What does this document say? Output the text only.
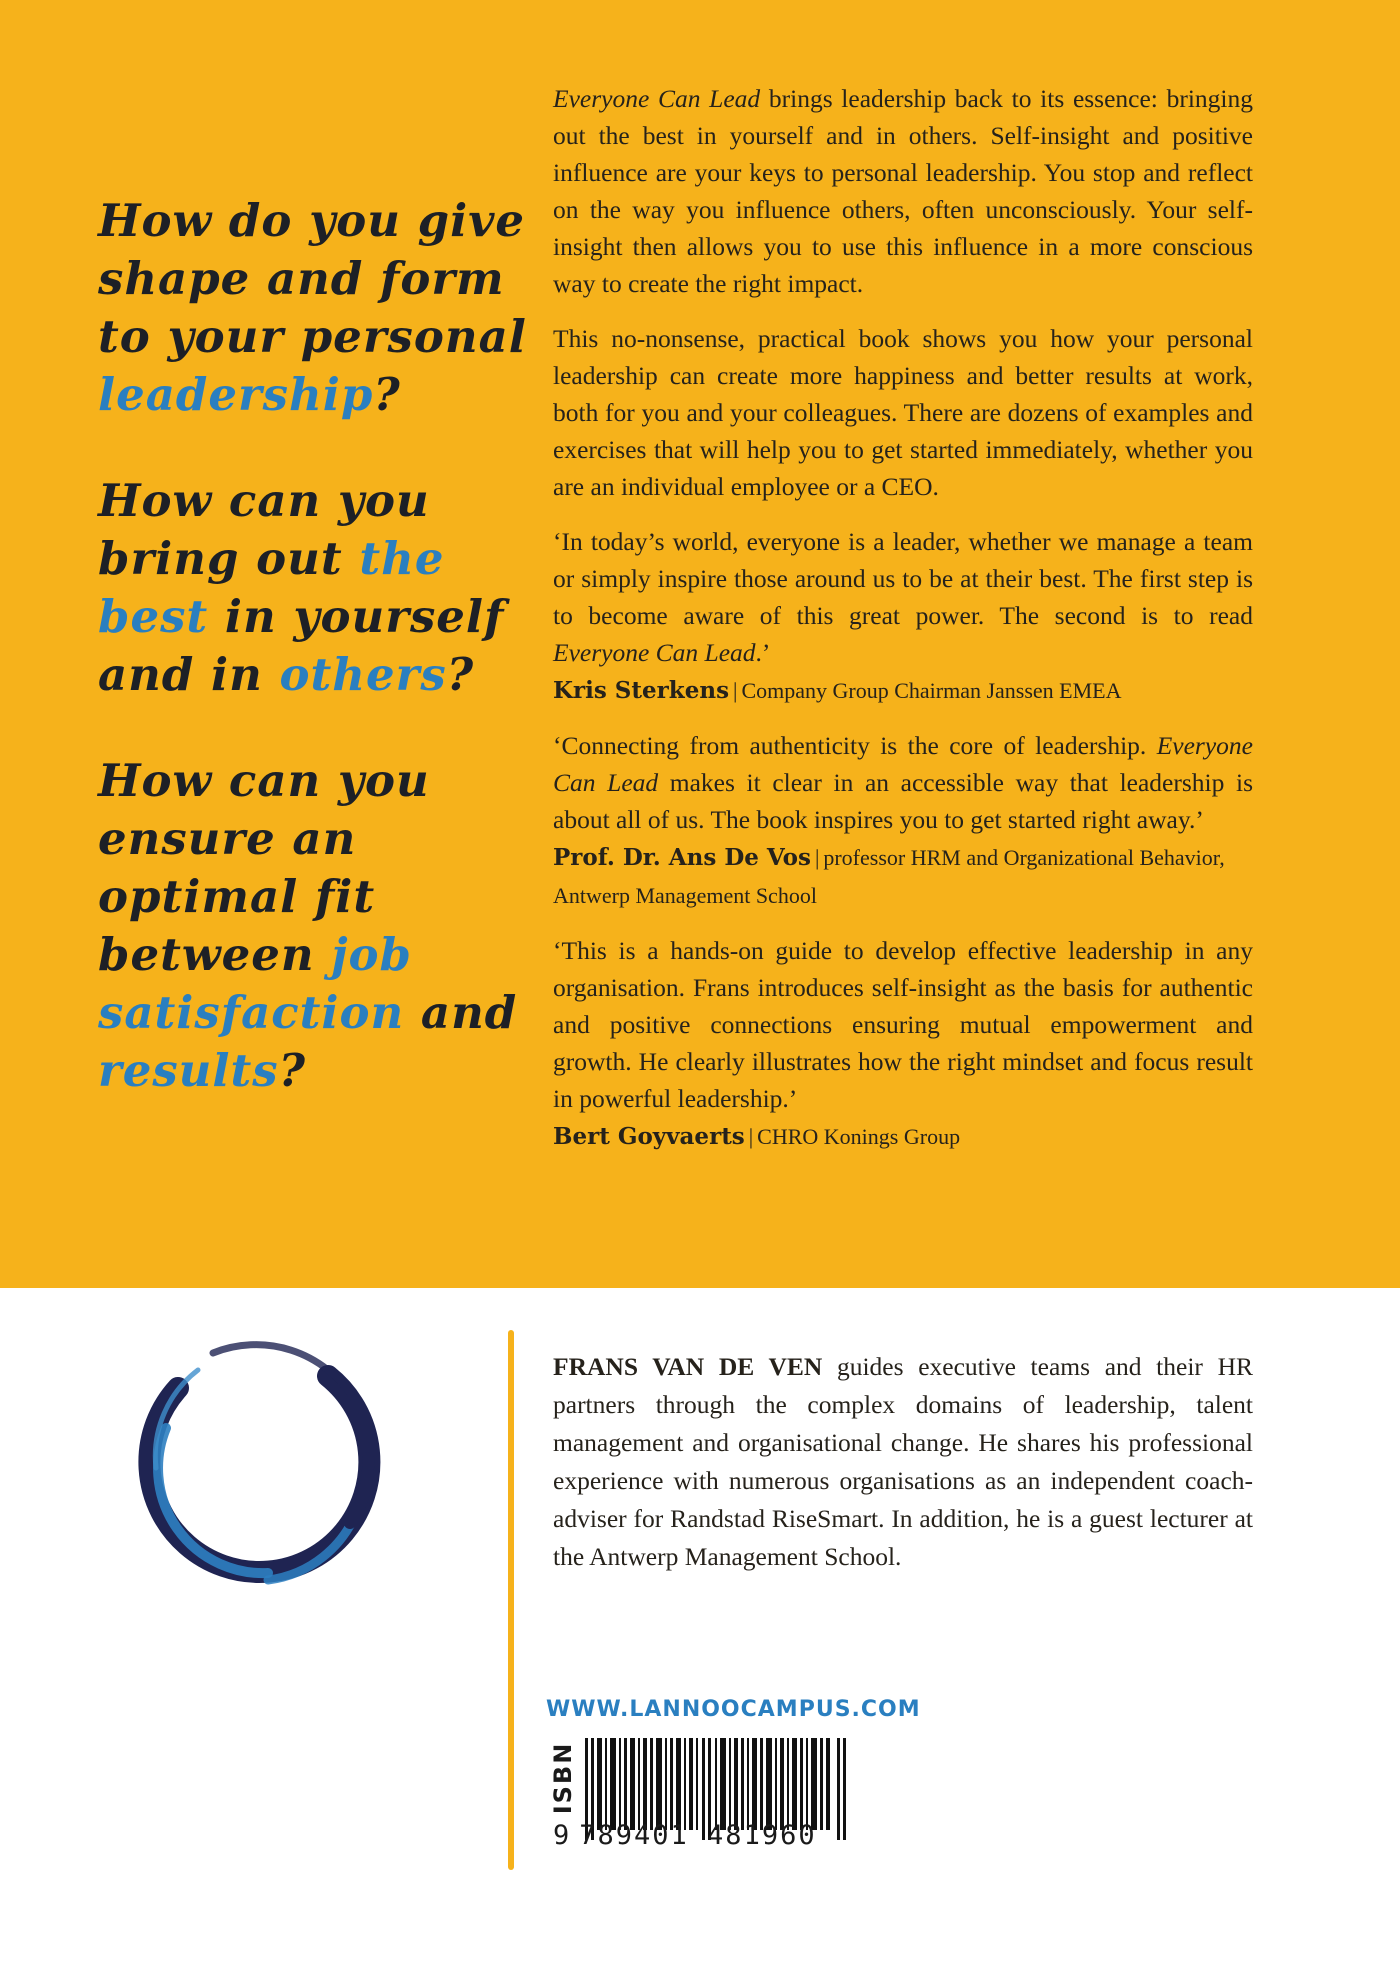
How do you give shape and form to your personal leadership?

How can you bring out the best in yourself and in others?

How can you ensure an optimal fit between job satisfaction and results?

Everyone Can Lead brings leadership back to its essence: bringing out the best in yourself and in others. Self-insight and positive influence are your keys to personal leadership. You stop and reflect on the way you influence others, often unconsciously. Your self-insight then allows you to use this influence in a more conscious way to create the right impact.

This no-nonsense, practical book shows you how your personal leadership can create more happiness and better results at work, both for you and your colleagues. There are dozens of examples and exercises that will help you to get started immediately, whether you are an individual employee or a CEO.

‘In today’s world, everyone is a leader, whether we manage a team or simply inspire those around us to be at their best. The first step is to become aware of this great power. The second is to read Everyone Can Lead.’
Kris Sterkens | Company Group Chairman Janssen EMEA

‘Connecting from authenticity is the core of leadership. Everyone Can Lead makes it clear in an accessible way that leadership is about all of us. The book inspires you to get started right away.’
Prof. Dr. Ans De Vos | professor HRM and Organizational Behavior, Antwerp Management School

‘This is a hands-on guide to develop effective leadership in any organisation. Frans introduces self-insight as the basis for authentic and positive connections ensuring mutual empowerment and growth. He clearly illustrates how the right mindset and focus result in powerful leadership.’
Bert Goyvaerts | CHRO Konings Group

FRANS VAN DE VEN guides executive teams and their HR partners through the complex domains of leadership, talent management and organisational change. He shares his professional experience with numerous organisations as an independent coach-adviser for Randstad RiseSmart. In addition, he is a guest lecturer at the Antwerp Management School.

WWW.LANNOOCAMPUS.COM
ISBN
9 789401 481960
